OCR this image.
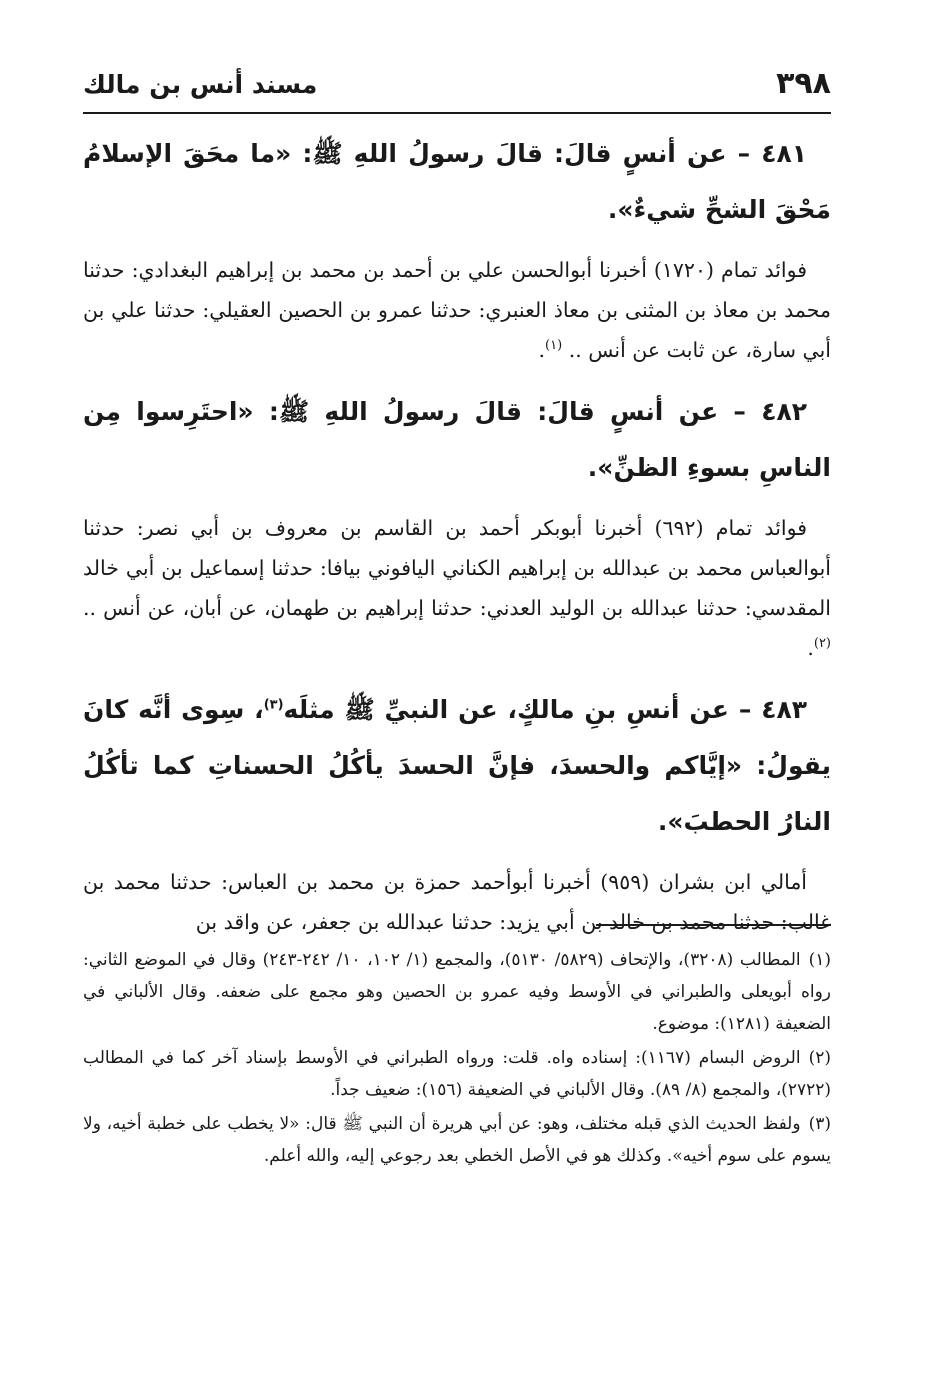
٣٩٨
مسند أنس بن مالك

٤٨١ – عن أنسٍ قالَ: قالَ رسولُ اللهِ ﷺ: «ما محَقَ الإسلامُ مَحْقَ الشحِّ شيءٌ».

فوائد تمام (١٧٢٠) أخبرنا أبوالحسن علي بن أحمد بن محمد بن إبراهيم البغدادي: حدثنا محمد بن معاذ بن المثنى بن معاذ العنبري: حدثنا عمرو بن الحصين العقيلي: حدثنا علي بن أبي سارة، عن ثابت عن أنس .. $^{(١)}$.

٤٨٢ – عن أنسٍ قالَ: قالَ رسولُ اللهِ ﷺ: «احتَرِسوا مِن الناسِ بسوءِ الظنِّ».

فوائد تمام (٦٩٢) أخبرنا أبوبكر أحمد بن القاسم بن معروف بن أبي نصر: حدثنا أبوالعباس محمد بن عبدالله بن إبراهيم الكناني اليافوني بيافا: حدثنا إسماعيل بن أبي خالد المقدسي: حدثنا عبدالله بن الوليد العدني: حدثنا إبراهيم بن طهمان، عن أبان، عن أنس .. $^{(٢)}$.

٤٨٣ – عن أنسِ بنِ مالكٍ، عن النبيِّ ﷺ مثلَه$^{(٣)}$، سِوى أنَّه كانَ يقولُ: «إيَّاكم والحسدَ، فإنَّ الحسدَ يأكُلُ الحسناتِ كما تأكُلُ النارُ الحطبَ».

أمالي ابن بشران (٩٥٩) أخبرنا أبوأحمد حمزة بن محمد بن العباس: حدثنا محمد بن غالب: حدثنا محمد بن خالد بن أبي يزيد: حدثنا عبدالله بن جعفر، عن واقد بن

(١)المطالب (٣٢٠٨)، والإتحاف (٥٨٢٩/ ٥١٣٠)، والمجمع (١/ ١٠٢، ١٠/ ٢٤٢-٢٤٣) وقال في الموضع الثاني: رواه أبويعلى والطبراني في الأوسط وفيه عمرو بن الحصين وهو مجمع على ضعفه. وقال الألباني في الضعيفة (١٢٨١): موضوع.

(٢)الروض البسام (١١٦٧): إسناده واه. قلت: ورواه الطبراني في الأوسط بإسناد آخر كما في المطالب (٢٧٢٢)، والمجمع (٨/ ٨٩). وقال الألباني في الضعيفة (١٥٦): ضعيف جداً.

(٣)ولفظ الحديث الذي قبله مختلف، وهو: عن أبي هريرة أن النبي ﷺ قال: «لا يخطب على خطبة أخيه، ولا يسوم على سوم أخيه». وكذلك هو في الأصل الخطي بعد رجوعي إليه، والله أعلم.
